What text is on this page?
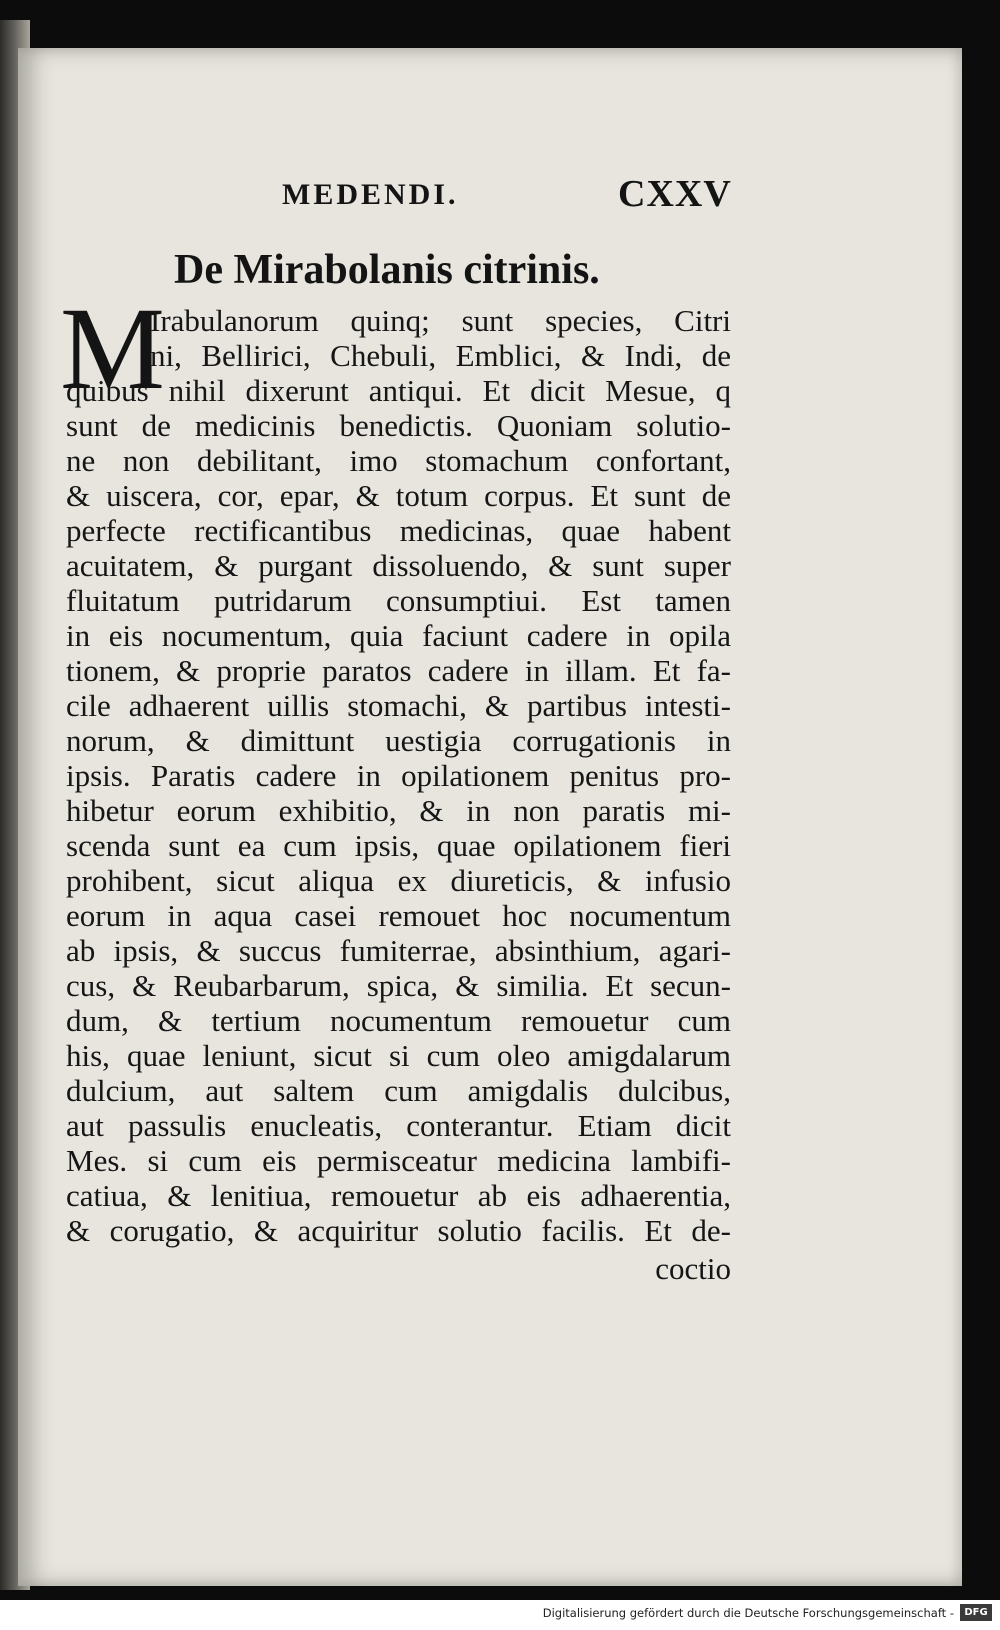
MEDENDI.	CXXV
De Mirabolanis citrinis.
M
Irabulanorum quinq; sunt species, Citri
ni, Bellirici, Chebuli, Emblici, & Indi, de
quibus nihil dixerunt antiqui. Et dicit Mesue, q
sunt de medicinis benedictis. Quoniam solutio-
ne non debilitant, imo stomachum confortant,
& uiscera, cor, epar, & totum corpus. Et sunt de
perfecte rectificantibus medicinas, quae habent
acuitatem, & purgant dissoluendo, & sunt super
fluitatum putridarum consumptiui. Est tamen
in eis nocumentum, quia faciunt cadere in opila
tionem, & proprie paratos cadere in illam. Et fa-
cile adhaerent uillis stomachi, & partibus intesti-
norum, & dimittunt uestigia corrugationis in
ipsis. Paratis cadere in opilationem penitus pro-
hibetur eorum exhibitio, & in non paratis mi-
scenda sunt ea cum ipsis, quae opilationem fieri
prohibent, sicut aliqua ex diureticis, & infusio
eorum in aqua casei remouet hoc nocumentum
ab ipsis, & succus fumiterrae, absinthium, agari-
cus, & Reubarbarum, spica, & similia. Et secun-
dum, & tertium nocumentum remouetur cum
his, quae leniunt, sicut si cum oleo amigdalarum
dulcium, aut saltem cum amigdalis dulcibus,
aut passulis enucleatis, conterantur. Etiam dicit
Mes. si cum eis permisceatur medicina lambifi-
catiua, & lenitiua, remouetur ab eis adhaerentia,
& corugatio, & acquiritur solutio facilis. Et de-
coctio
Digitalisierung gefördert durch die Deutsche Forschungsgemeinschaft -	DFG
